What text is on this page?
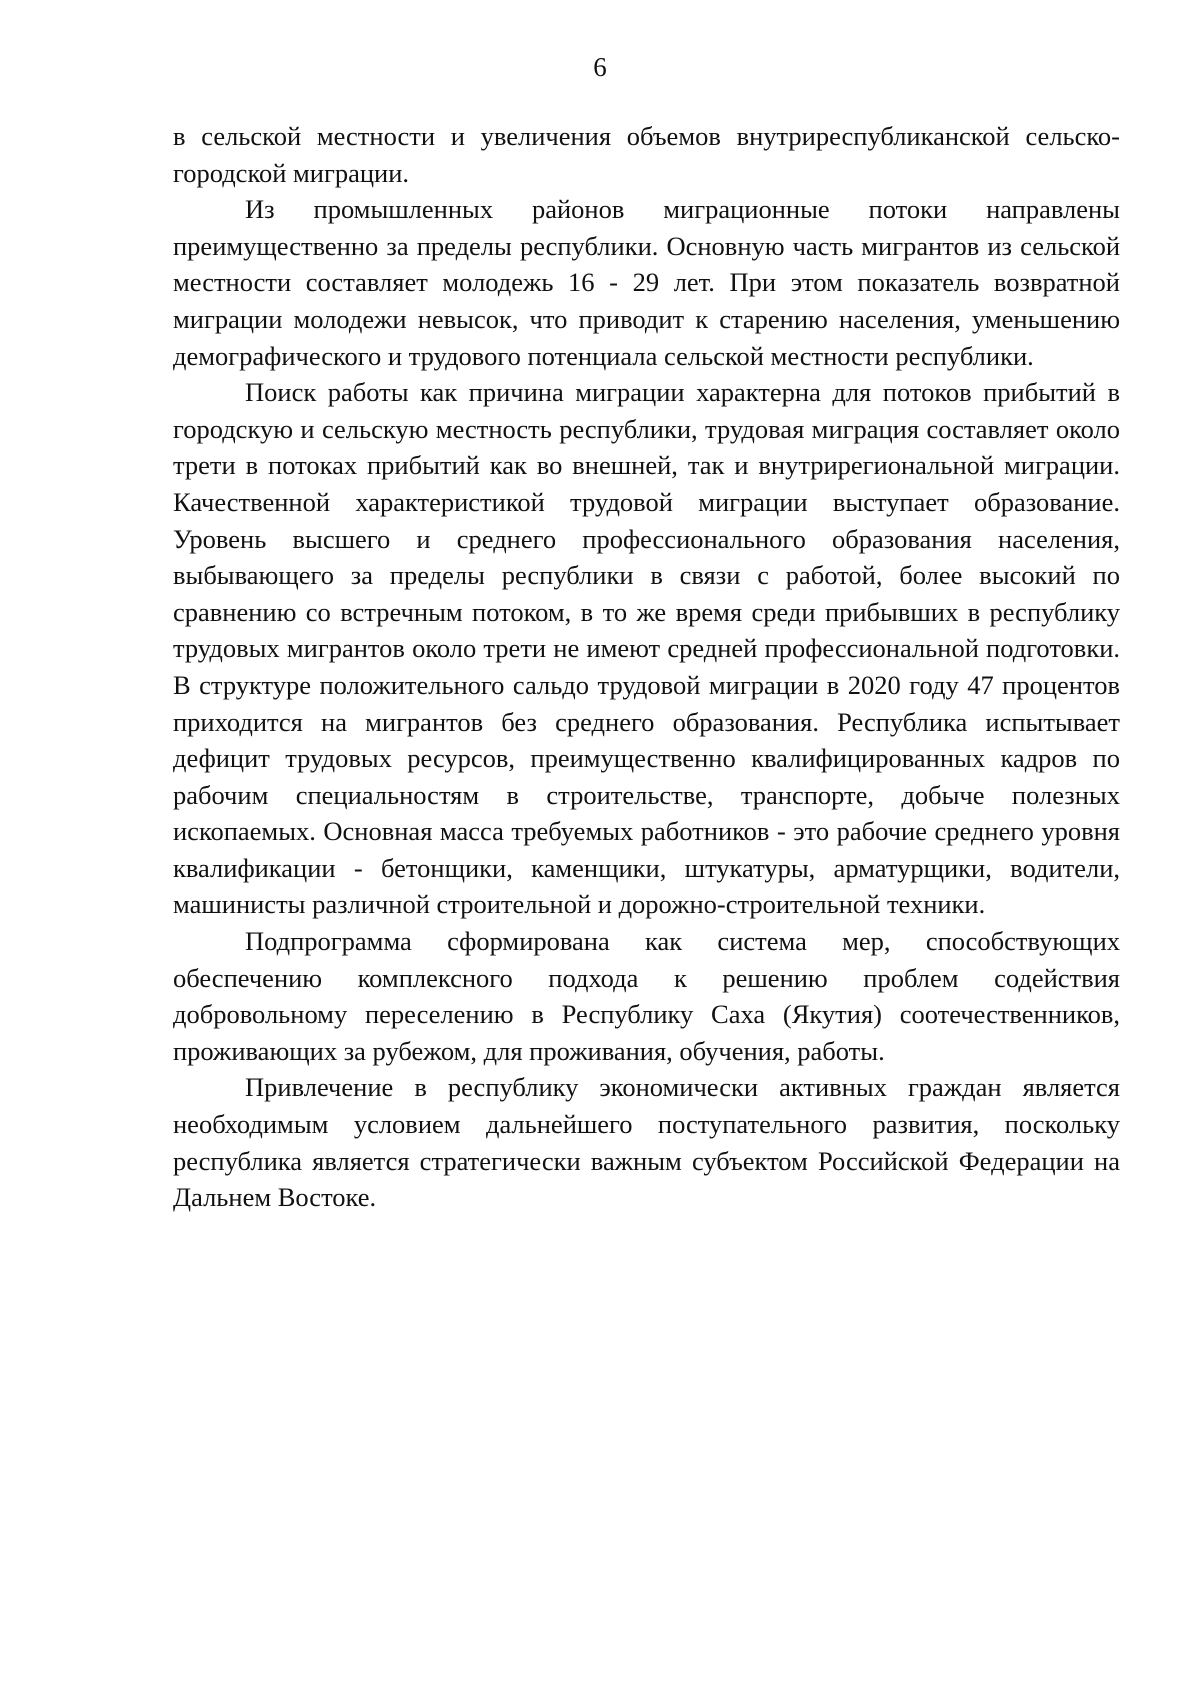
6

в сельской местности и увеличения объемов внутриреспубликанской сельско-городской миграции.

Из промышленных районов миграционные потоки направлены преимущественно за пределы республики. Основную часть мигрантов из сельской местности составляет молодежь 16 - 29 лет. При этом показатель возвратной миграции молодежи невысок, что приводит к старению населения, уменьшению демографического и трудового потенциала сельской местности республики.

Поиск работы как причина миграции характерна для потоков прибытий в городскую и сельскую местность республики, трудовая миграция составляет около трети в потоках прибытий как во внешней, так и внутрирегиональной миграции. Качественной характеристикой трудовой миграции выступает образование. Уровень высшего и среднего профессионального образования населения, выбывающего за пределы республики в связи с работой, более высокий по сравнению со встречным потоком, в то же время среди прибывших в республику трудовых мигрантов около трети не имеют средней профессиональной подготовки. В структуре положительного сальдо трудовой миграции в 2020 году 47 процентов приходится на мигрантов без среднего образования. Республика испытывает дефицит трудовых ресурсов, преимущественно квалифицированных кадров по рабочим специальностям в строительстве, транспорте, добыче полезных ископаемых. Основная масса требуемых работников - это рабочие среднего уровня квалификации - бетонщики, каменщики, штукатуры, арматурщики, водители, машинисты различной строительной и дорожно-строительной техники.

Подпрограмма сформирована как система мер, способствующих обеспечению комплексного подхода к решению проблем содействия добровольному переселению в Республику Саха (Якутия) соотечественников, проживающих за рубежом, для проживания, обучения, работы.

Привлечение в республику экономически активных граждан является необходимым условием дальнейшего поступательного развития, поскольку республика является стратегически важным субъектом Российской Федерации на Дальнем Востоке.
